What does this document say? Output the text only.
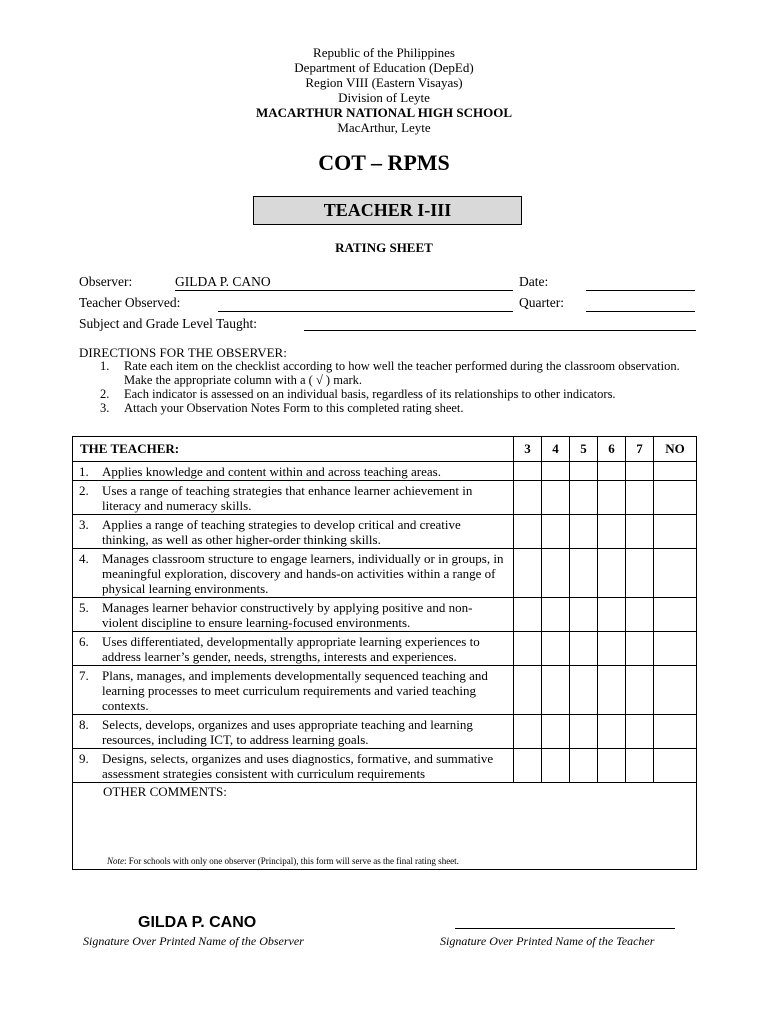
Republic of the Philippines
Department of Education (DepEd)
Region VIII (Eastern Visayas)
Division of Leyte
MACARTHUR NATIONAL HIGH SCHOOL
MacArthur, Leyte
COT – RPMS
TEACHER I-III
RATING SHEET
Observer:	GILDA P. CANO	Date:
Teacher Observed:	Quarter:
Subject and Grade Level Taught:
DIRECTIONS FOR THE OBSERVER:
1.	Rate each item on the checklist according to how well the teacher performed during the classroom observation. Make the appropriate column with a ( √ ) mark.
2.	Each indicator is assessed on an individual basis, regardless of its relationships to other indicators.
3.	Attach your Observation Notes Form to this completed rating sheet.
THE TEACHER:	3	4	5	6	7	NO

1. Applies knowledge and content within and across teaching areas.						

2. Uses a range of teaching strategies that enhance learner achievement in literacy and numeracy skills.						

3. Applies a range of teaching strategies to develop critical and creative thinking, as well as other higher-order thinking skills.						

4. Manages classroom structure to engage learners, individually or in groups, in meaningful exploration, discovery and hands-on activities within a range of physical learning environments.						

5. Manages learner behavior constructively by applying positive and non-violent discipline to ensure learning-focused environments.						

6. Uses differentiated, developmentally appropriate learning experiences to address learner’s gender, needs, strengths, interests and experiences.						

7. Plans, manages, and implements developmentally sequenced teaching and learning processes to meet curriculum requirements and varied teaching contexts.						

8. Selects, develops, organizes and uses appropriate teaching and learning resources, including ICT, to address learning goals.						

9. Designs, selects, organizes and uses diagnostics, formative, and summative assessment strategies consistent with curriculum requirements						

OTHER COMMENTS:
Note: For schools with only one observer (Principal), this form will serve as the final rating sheet.						
GILDA P. CANO
Signature Over Printed Name of the Observer	Signature Over Printed Name of the Teacher
